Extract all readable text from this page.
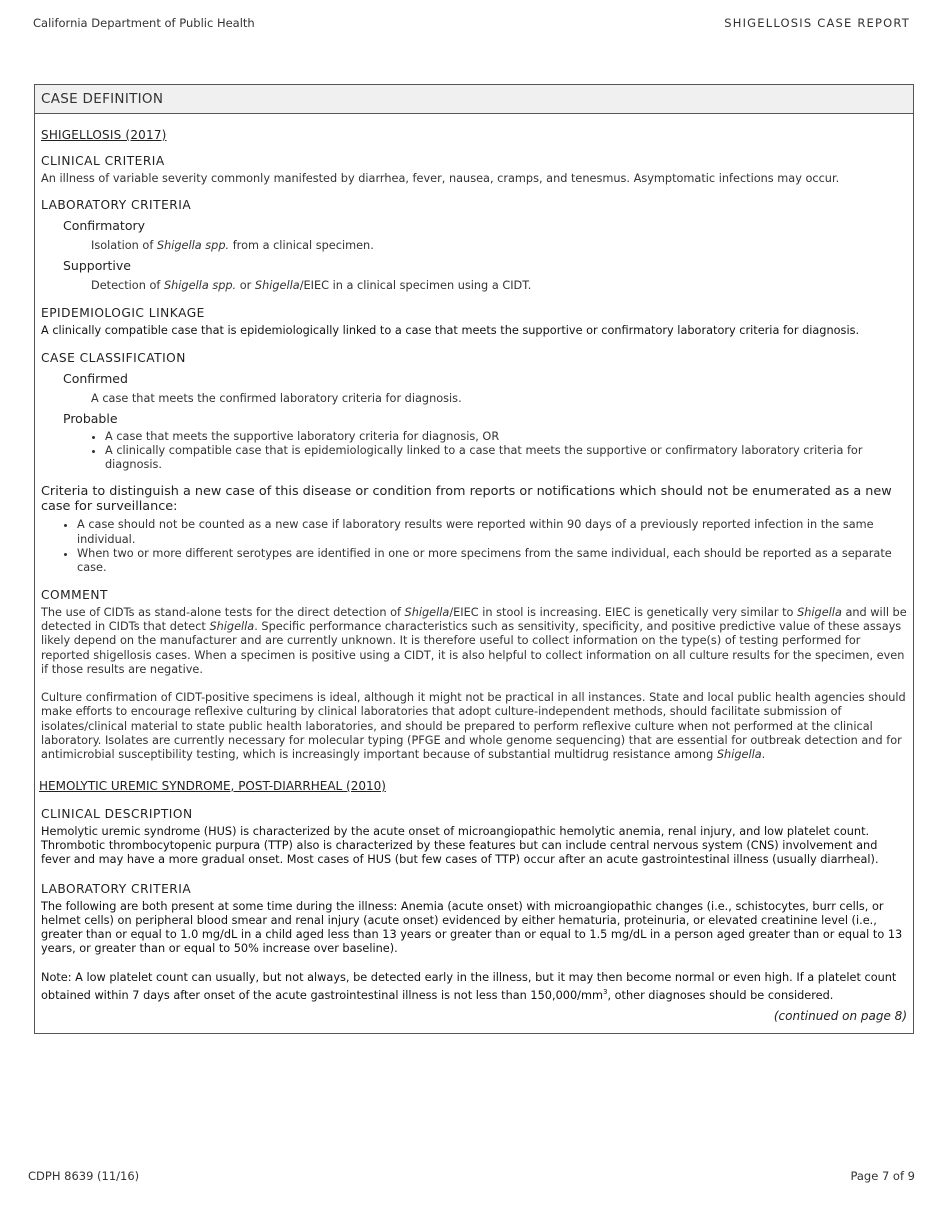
California Department of Public Health	SHIGELLOSIS CASE REPORT
CASE DEFINITION
SHIGELLOSIS (2017)
CLINICAL CRITERIA
An illness of variable severity commonly manifested by diarrhea, fever, nausea, cramps, and tenesmus. Asymptomatic infections may occur.
LABORATORY CRITERIA
Confirmatory
Isolation of Shigella spp. from a clinical specimen.
Supportive
Detection of Shigella spp. or Shigella/EIEC in a clinical specimen using a CIDT.
EPIDEMIOLOGIC LINKAGE
A clinically compatible case that is epidemiologically linked to a case that meets the supportive or confirmatory laboratory criteria for diagnosis.
CASE CLASSIFICATION
Confirmed
A case that meets the confirmed laboratory criteria for diagnosis.
Probable
• A case that meets the supportive laboratory criteria for diagnosis, OR
• A clinically compatible case that is epidemiologically linked to a case that meets the supportive or confirmatory laboratory criteria for diagnosis.
Criteria to distinguish a new case of this disease or condition from reports or notifications which should not be enumerated as a new case for surveillance:
• A case should not be counted as a new case if laboratory results were reported within 90 days of a previously reported infection in the same individual.
• When two or more different serotypes are identified in one or more specimens from the same individual, each should be reported as a separate case.
COMMENT
The use of CIDTs as stand-alone tests for the direct detection of Shigella/EIEC in stool is increasing. EIEC is genetically very similar to Shigella and will be detected in CIDTs that detect Shigella. Specific performance characteristics such as sensitivity, specificity, and positive predictive value of these assays likely depend on the manufacturer and are currently unknown. It is therefore useful to collect information on the type(s) of testing performed for reported shigellosis cases. When a specimen is positive using a CIDT, it is also helpful to collect information on all culture results for the specimen, even if those results are negative.
Culture confirmation of CIDT-positive specimens is ideal, although it might not be practical in all instances. State and local public health agencies should make efforts to encourage reflexive culturing by clinical laboratories that adopt culture-independent methods, should facilitate submission of isolates/clinical material to state public health laboratories, and should be prepared to perform reflexive culture when not performed at the clinical laboratory. Isolates are currently necessary for molecular typing (PFGE and whole genome sequencing) that are essential for outbreak detection and for antimicrobial susceptibility testing, which is increasingly important because of substantial multidrug resistance among Shigella.
HEMOLYTIC UREMIC SYNDROME, POST-DIARRHEAL (2010)
CLINICAL DESCRIPTION
Hemolytic uremic syndrome (HUS) is characterized by the acute onset of microangiopathic hemolytic anemia, renal injury, and low platelet count. Thrombotic thrombocytopenic purpura (TTP) also is characterized by these features but can include central nervous system (CNS) involvement and fever and may have a more gradual onset. Most cases of HUS (but few cases of TTP) occur after an acute gastrointestinal illness (usually diarrheal).
LABORATORY CRITERIA
The following are both present at some time during the illness: Anemia (acute onset) with microangiopathic changes (i.e., schistocytes, burr cells, or helmet cells) on peripheral blood smear and renal injury (acute onset) evidenced by either hematuria, proteinuria, or elevated creatinine level (i.e., greater than or equal to 1.0 mg/dL in a child aged less than 13 years or greater than or equal to 1.5 mg/dL in a person aged greater than or equal to 13 years, or greater than or equal to 50% increase over baseline).
Note: A low platelet count can usually, but not always, be detected early in the illness, but it may then become normal or even high. If a platelet count obtained within 7 days after onset of the acute gastrointestinal illness is not less than $150,000/mm^3$, other diagnoses should be considered.
(continued on page 8)
CDPH 8639 (11/16)	Page 7 of 9
